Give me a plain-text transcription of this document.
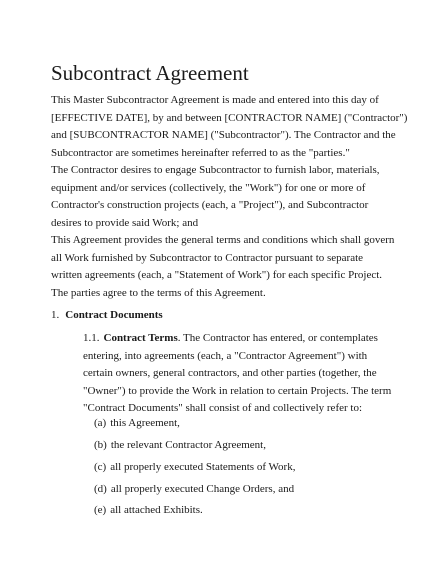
Subcontract Agreement

This Master Subcontractor Agreement is made and entered into this day of
[EFFECTIVE DATE], by and between [CONTRACTOR NAME] ("Contractor")
and [SUBCONTRACTOR NAME] ("Subcontractor"). The Contractor and the
Subcontractor are sometimes hereinafter referred to as the "parties."

The Contractor desires to engage Subcontractor to furnish labor, materials,
equipment and/or services (collectively, the "Work") for one or more of
Contractor's construction projects (each, a "Project"), and Subcontractor
desires to provide said Work; and

This Agreement provides the general terms and conditions which shall govern
all Work furnished by Subcontractor to Contractor pursuant to separate
written agreements (each, a "Statement of Work") for each specific Project.

The parties agree to the terms of this Agreement.

1. Contract Documents

1.1. Contract Terms. The Contractor has entered, or contemplates
entering, into agreements (each, a "Contractor Agreement") with
certain owners, general contractors, and other parties (together, the
"Owner") to provide the Work in relation to certain Projects. The term
"Contract Documents" shall consist of and collectively refer to:

(a) this Agreement,

(b) the relevant Contractor Agreement,

(c) all properly executed Statements of Work,

(d) all properly executed Change Orders, and

(e) all attached Exhibits.
